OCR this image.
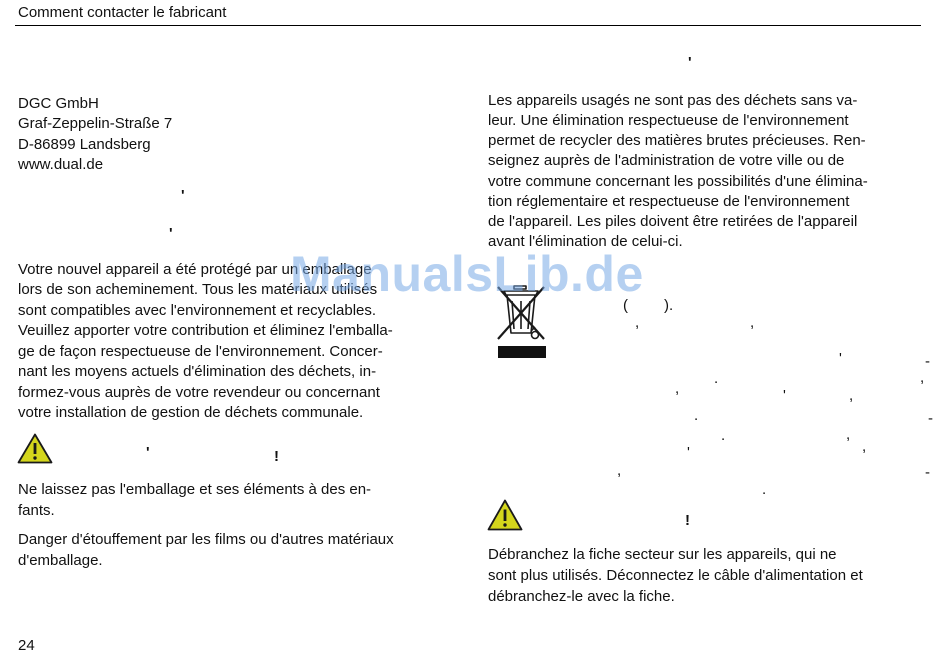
Comment contacter le fabricant
DGC GmbH
Graf-Zeppelin-Straße 7
D-86899 Landsberg
www.dual.de
Votre nouvel appareil a été protégé par un emballage
lors de son acheminement. Tous les matériaux utilisés
sont compatibles avec l'environnement et recyclables.
Veuillez apporter votre contribution et éliminez l'emballa-
ge de façon respectueuse de l'environnement. Concer-
nant les moyens actuels d'élimination des déchets, in-
formez-vous auprès de votre revendeur ou concernant
votre installation de gestion de déchets communale.
Ne laissez pas l'emballage et ses éléments à des en-
fants.
Danger d'étouffement par les films ou d'autres matériaux
d'emballage.
Les appareils usagés ne sont pas des déchets sans va-
leur. Une élimination respectueuse de l'environnement
permet de recycler des matières brutes précieuses. Ren-
seignez auprès de l'administration de votre ville ou de
votre commune concernant les possibilités d'une élimina-
tion réglementaire et respectueuse de l'environnement
de l'appareil. Les piles doivent être retirées de l'appareil
avant l'élimination de celui-ci.
Débranchez la fiche secteur sur les appareils, qui ne
sont plus utilisés. Déconnectez le câble d'alimentation et
débranchez-le avec la fiche.
'
'
'	!
'
( ).
,	,
'	-
.	,
,	'	,
.	-
.	,
'	,
,	-
.
!
ManualsLib.de
24
